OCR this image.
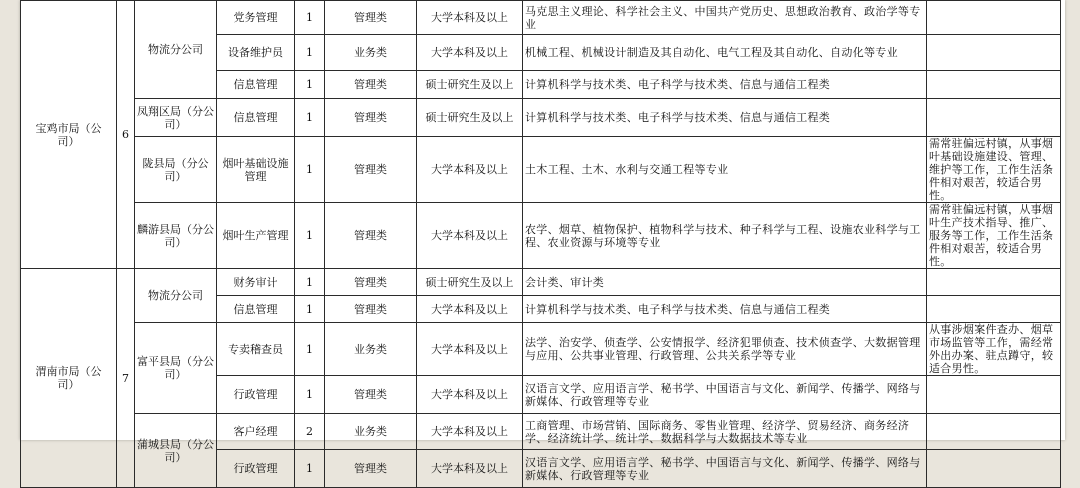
宝鸡市局（公司）	6	物流分公司	党务管理	1	管理类	大学本科及以上	马克思主义理论、科学社会主义、中国共产党历史、思想政治教育、政治学等专业	
			设备维护员	1	业务类	大学本科及以上	机械工程、机械设计制造及其自动化、电气工程及其自动化、自动化等专业	
			信息管理	1	管理类	硕士研究生及以上	计算机科学与技术类、电子科学与技术类、信息与通信工程类	
		凤翔区局（分公司）	信息管理	1	管理类	硕士研究生及以上	计算机科学与技术类、电子科学与技术类、信息与通信工程类	
		陇县局（分公司）	烟叶基础设施管理	1	管理类	大学本科及以上	土木工程、土木、水利与交通工程等专业	需常驻偏远村镇，从事烟叶基础设施建设、管理、维护等工作，工作生活条件相对艰苦，较适合男性。
		麟游县局（分公司）	烟叶生产管理	1	管理类	大学本科及以上	农学、烟草、植物保护、植物科学与技术、种子科学与工程、设施农业科学与工程、农业资源与环境等专业	需常驻偏远村镇，从事烟叶生产技术指导、推广、服务等工作，工作生活条件相对艰苦，较适合男性。
渭南市局（公司）	7	物流分公司	财务审计	1	管理类	硕士研究生及以上	会计类、审计类	
			信息管理	1	管理类	大学本科及以上	计算机科学与技术类、电子科学与技术类、信息与通信工程类	
		富平县局（分公司）	专卖稽查员	1	业务类	大学本科及以上	法学、治安学、侦查学、公安情报学、经济犯罪侦查、技术侦查学、大数据管理与应用、公共事业管理、行政管理、公共关系学等专业	从事涉烟案件查办、烟草市场监管等工作，需经常外出办案、驻点蹲守，较适合男性。
			行政管理	1	管理类	大学本科及以上	汉语言文学、应用语言学、秘书学、中国语言与文化、新闻学、传播学、网络与新媒体、行政管理等专业	
		蒲城县局（分公司）	客户经理	2	业务类	大学本科及以上	工商管理、市场营销、国际商务、零售业管理、经济学、贸易经济、商务经济学、经济统计学、统计学、数据科学与大数据技术等专业	
			行政管理	1	管理类	大学本科及以上	汉语言文学、应用语言学、秘书学、中国语言与文化、新闻学、传播学、网络与新媒体、行政管理等专业	
